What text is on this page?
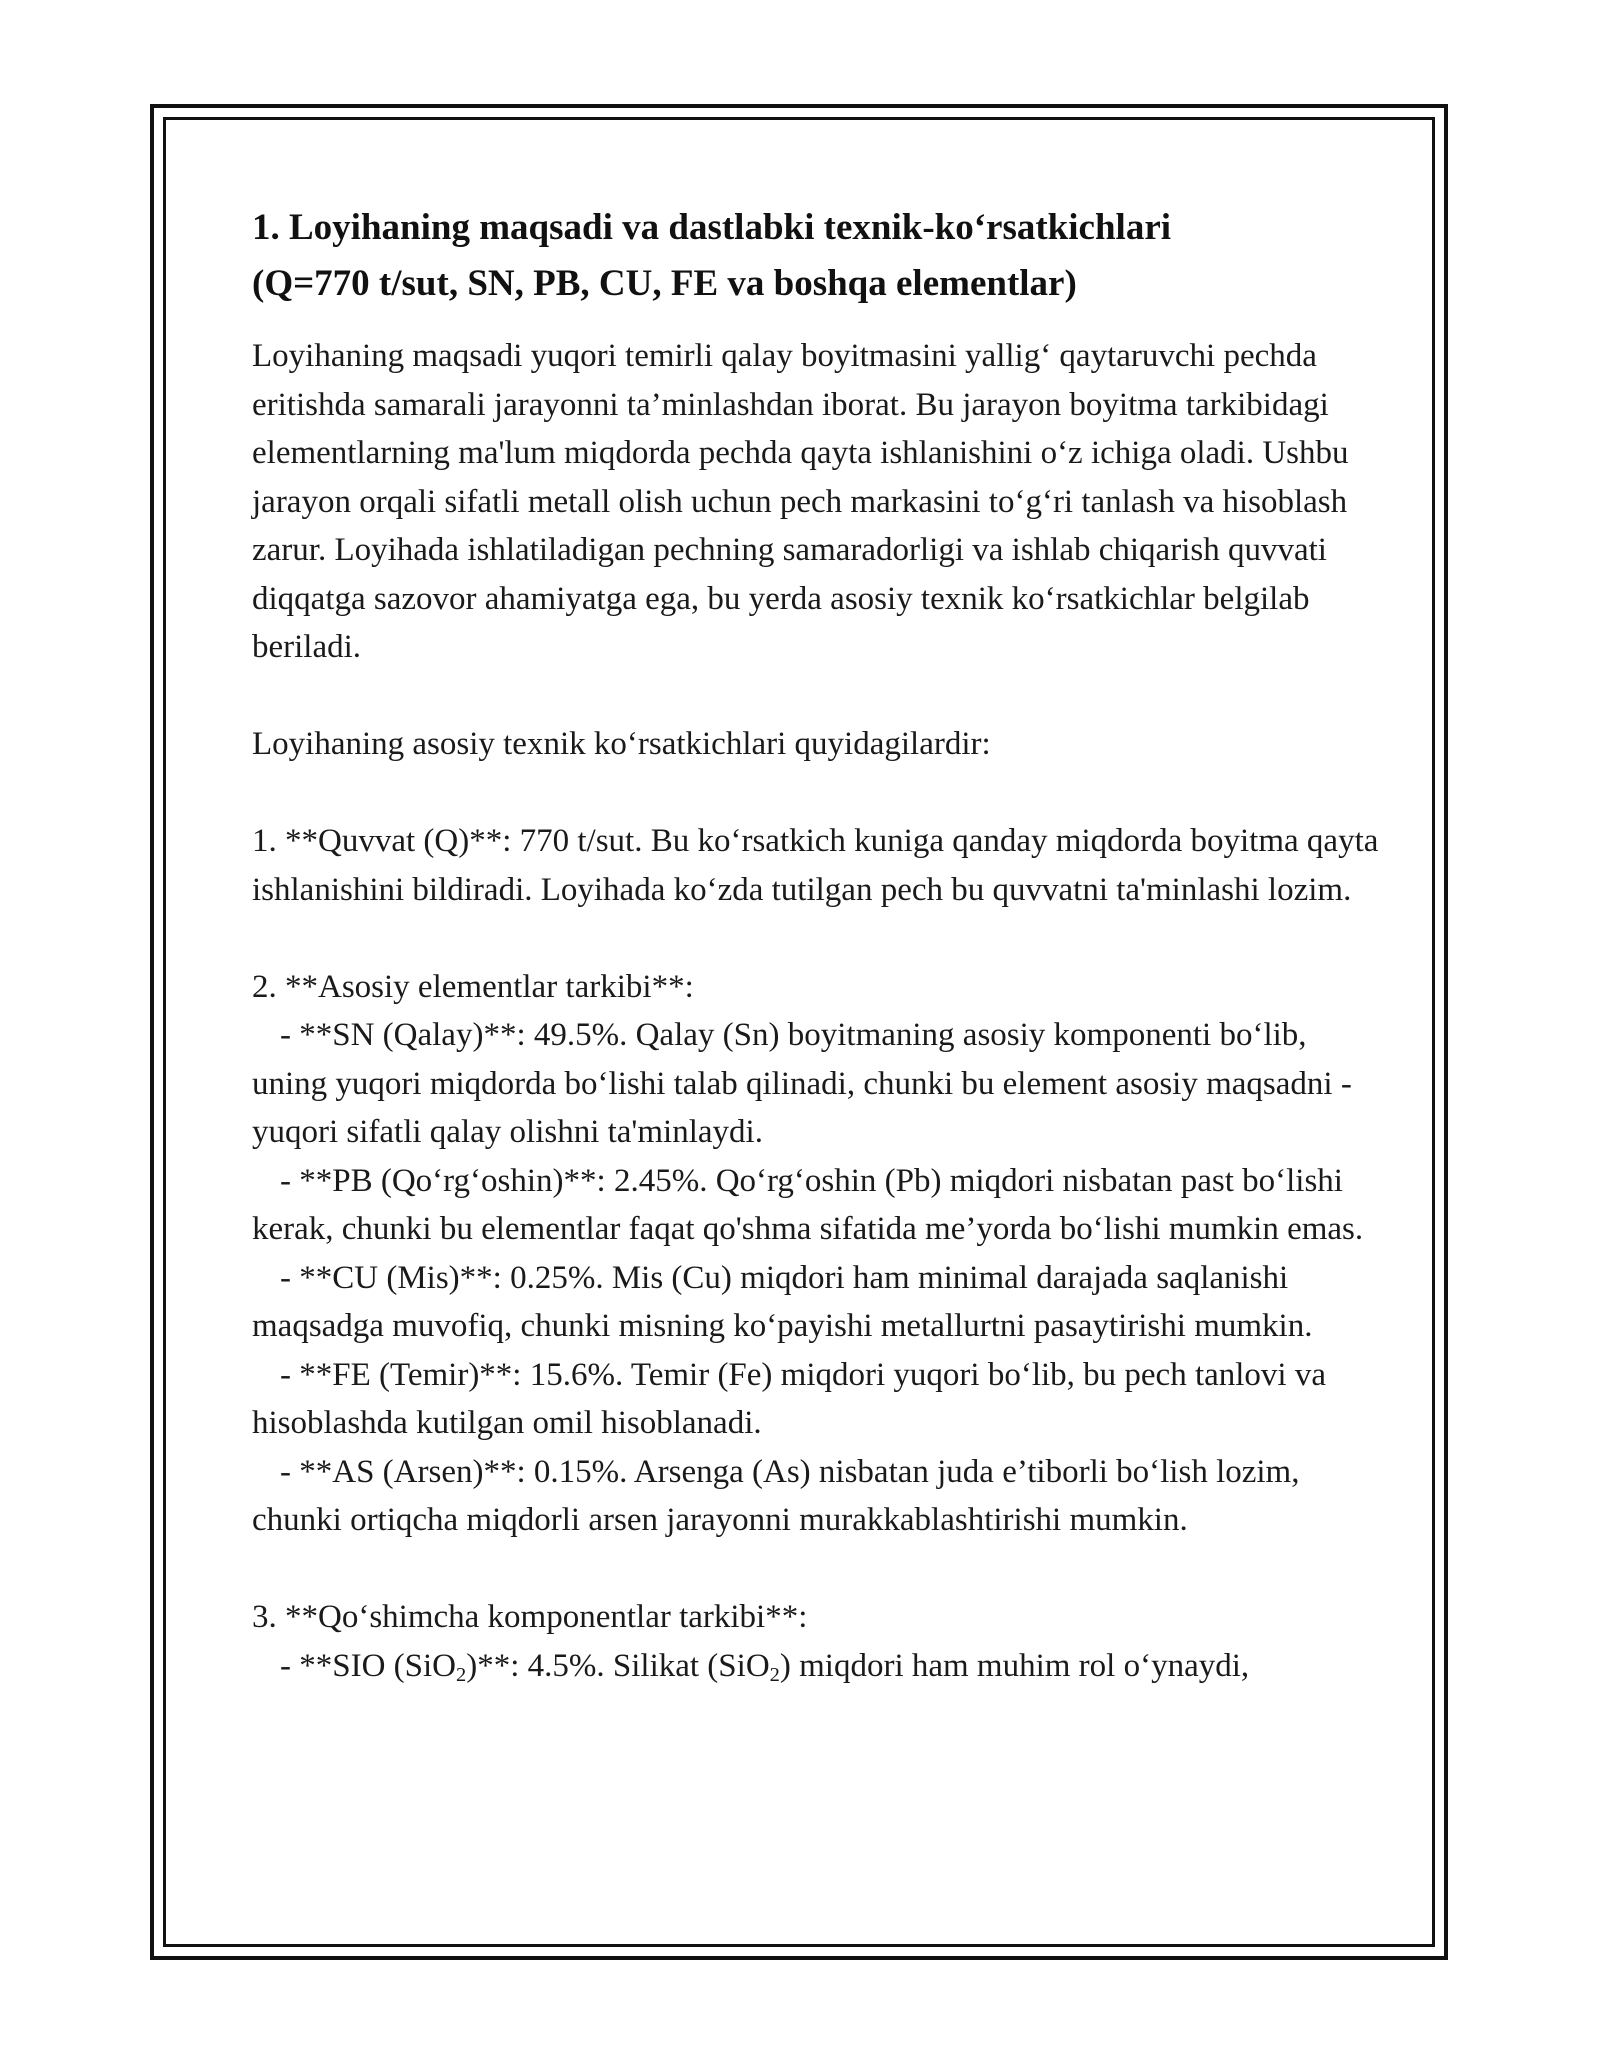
1. Loyihaning maqsadi va dastlabki texnik-koʻrsatkichlari
(Q=770 t/sut, SN, PB, CU, FE va boshqa elementlar)

Loyihaning maqsadi yuqori temirli qalay boyitmasini yallig‘ qaytaruvchi pechda eritishda samarali jarayonni ta’minlashdan iborat. Bu jarayon boyitma tarkibidagi elementlarning ma'lum miqdorda pechda qayta ishlanishini oʻz ichiga oladi. Ushbu jarayon orqali sifatli metall olish uchun pech markasini toʻgʻri tanlash va hisoblash zarur. Loyihada ishlatiladigan pechning samaradorligi va ishlab chiqarish quvvati diqqatga sazovor ahamiyatga ega, bu yerda asosiy texnik koʻrsatkichlar belgilab beriladi.

Loyihaning asosiy texnik koʻrsatkichlari quyidagilardir:

1. **Quvvat (Q)**: 770 t/sut. Bu koʻrsatkich kuniga qanday miqdorda boyitma qayta ishlanishini bildiradi. Loyihada koʻzda tutilgan pech bu quvvatni ta'minlashi lozim.

2. **Asosiy elementlar tarkibi**:

- **SN (Qalay)**: 49.5%. Qalay (Sn) boyitmaning asosiy komponenti boʻlib, uning yuqori miqdorda boʻlishi talab qilinadi, chunki bu element asosiy maqsadni - yuqori sifatli qalay olishni ta'minlaydi.

- **PB (Qoʻrgʻoshin)**: 2.45%. Qoʻrgʻoshin (Pb) miqdori nisbatan past boʻlishi kerak, chunki bu elementlar faqat qo'shma sifatida me’yorda boʻlishi mumkin emas.

- **CU (Mis)**: 0.25%. Mis (Cu) miqdori ham minimal darajada saqlanishi maqsadga muvofiq, chunki misning koʻpayishi metallurtni pasaytirishi mumkin.

- **FE (Temir)**: 15.6%. Temir (Fe) miqdori yuqori boʻlib, bu pech tanlovi va hisoblashda kutilgan omil hisoblanadi.

- **AS (Arsen)**: 0.15%. Arsenga (As) nisbatan juda e’tiborli boʻlish lozim, chunki ortiqcha miqdorli arsen jarayonni murakkablashtirishi mumkin.

3. **Qoʻshimcha komponentlar tarkibi**:

- **SIO (SiO$_2$)**: 4.5%. Silikat (SiO$_2$) miqdori ham muhim rol oʻynaydi,
